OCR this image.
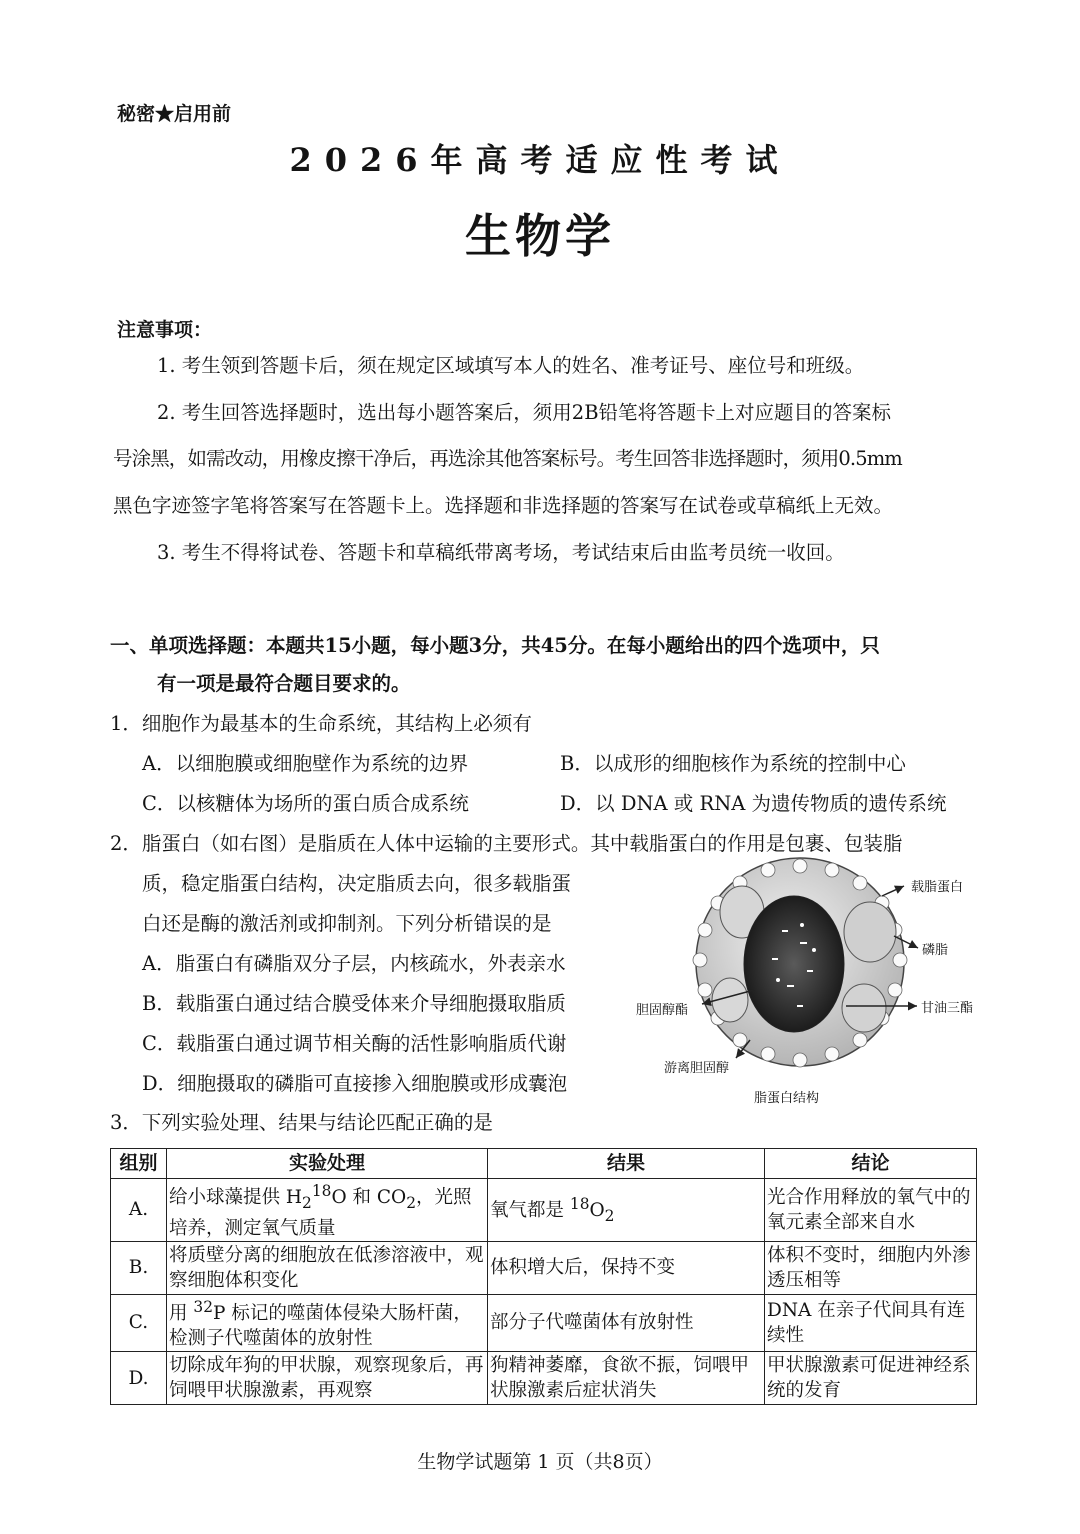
秘密★启用前
2026年高考适应性考试
生物学
注意事项：
1. 考生领到答题卡后，须在规定区域填写本人的姓名、准考证号、座位号和班级。
2. 考生回答选择题时，选出每小题答案后，须用2B铅笔将答题卡上对应题目的答案标
号涂黑，如需改动，用橡皮擦干净后，再选涂其他答案标号。考生回答非选择题时，须用0.5mm
黑色字迹签字笔将答案写在答题卡上。选择题和非选择题的答案写在试卷或草稿纸上无效。
3. 考生不得将试卷、答题卡和草稿纸带离考场，考试结束后由监考员统一收回。
一、单项选择题：本题共15小题，每小题3分，共45分。在每小题给出的四个选项中，只
有一项是最符合题目要求的。
1．细胞作为最基本的生命系统，其结构上必须有
A．以细胞膜或细胞壁作为系统的边界	B．以成形的细胞核作为系统的控制中心
C．以核糖体为场所的蛋白质合成系统	D．以 DNA 或 RNA 为遗传物质的遗传系统
2．脂蛋白（如右图）是脂质在人体中运输的主要形式。其中载脂蛋白的作用是包裹、包装脂
质，稳定脂蛋白结构，决定脂质去向，很多载脂蛋
白还是酶的激活剂或抑制剂。下列分析错误的是
A．脂蛋白有磷脂双分子层，内核疏水，外表亲水
B．载脂蛋白通过结合膜受体来介导细胞摄取脂质
C．载脂蛋白通过调节相关酶的活性影响脂质代谢
D．细胞摄取的磷脂可直接掺入细胞膜或形成囊泡
载脂蛋白
磷脂
胆固醇酯	甘油三酯
游离胆固醇
脂蛋白结构
3．下列实验处理、结果与结论匹配正确的是
组别	实验处理	结果	结论
A.	给小球藻提供 $H_2^{18}O$ 和 $CO_2$，光照培养，测定氧气质量	氧气都是 $^{18}O_2$	光合作用释放的氧气中的氧元素全部来自水
B.	将质壁分离的细胞放在低渗溶液中，观察细胞体积变化	体积增大后，保持不变	体积不变时，细胞内外渗透压相等
C.	用 $^{32}$P 标记的噬菌体侵染大肠杆菌，检测子代噬菌体的放射性	部分子代噬菌体有放射性	DNA 在亲子代间具有连续性
D.	切除成年狗的甲状腺，观察现象后，再饲喂甲状腺激素，再观察	狗精神萎靡，食欲不振，饲喂甲状腺激素后症状消失	甲状腺激素可促进神经系统的发育
生物学试题第 1 页（共8页）
